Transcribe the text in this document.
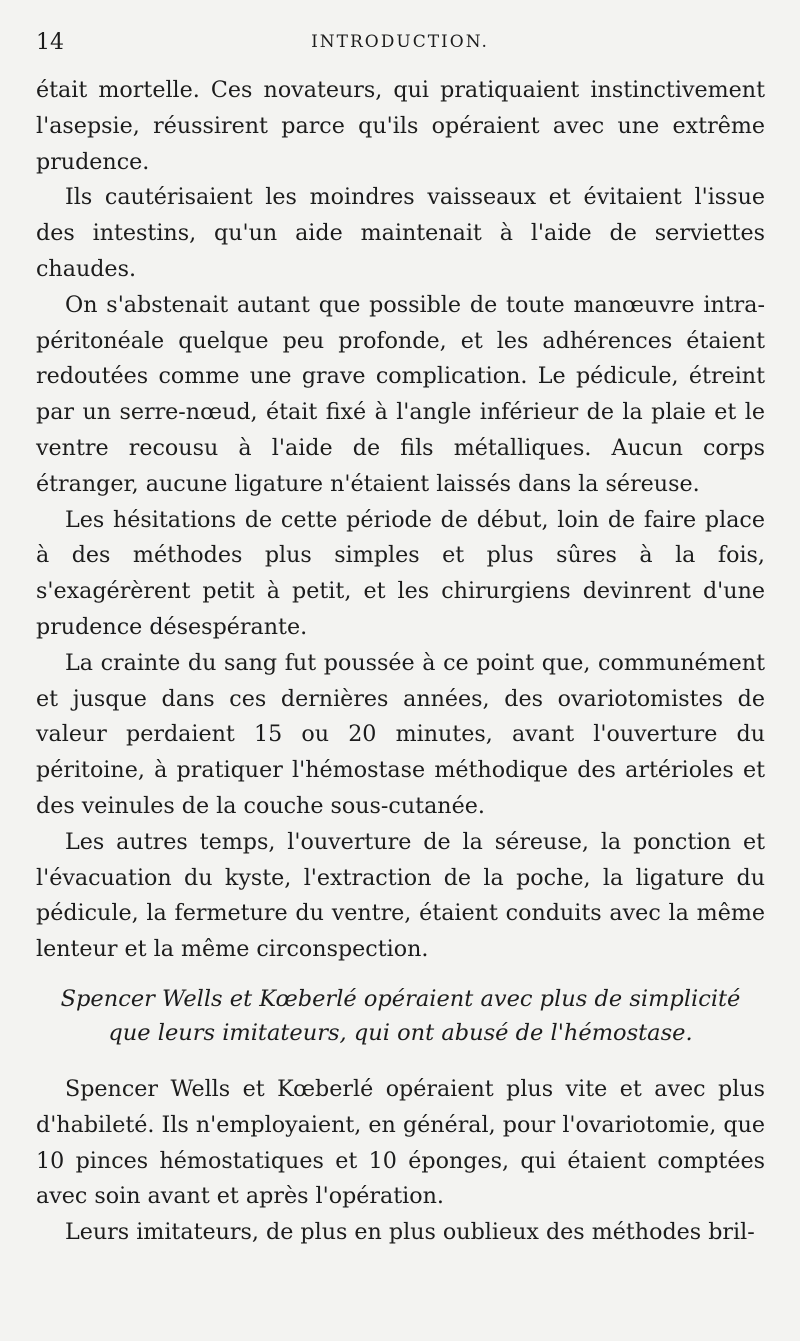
14	INTRODUCTION.

était mortelle. Ces novateurs, qui pratiquaient instinctivement l'asepsie, réussirent parce qu'ils opéraient avec une extrême prudence.

Ils cautérisaient les moindres vaisseaux et évitaient l'issue des intestins, qu'un aide maintenait à l'aide de serviettes chaudes.

On s'abstenait autant que possible de toute manœuvre intra-péritonéale quelque peu profonde, et les adhérences étaient redoutées comme une grave complication. Le pédicule, étreint par un serre-nœud, était fixé à l'angle inférieur de la plaie et le ventre recousu à l'aide de fils métalliques. Aucun corps étranger, aucune ligature n'étaient laissés dans la séreuse.

Les hésitations de cette période de début, loin de faire place à des méthodes plus simples et plus sûres à la fois, s'exagérèrent petit à petit, et les chirurgiens devinrent d'une prudence désespérante.

La crainte du sang fut poussée à ce point que, communément et jusque dans ces dernières années, des ovariotomistes de valeur perdaient 15 ou 20 minutes, avant l'ouverture du péritoine, à pratiquer l'hémostase méthodique des artérioles et des veinules de la couche sous-cutanée.

Les autres temps, l'ouverture de la séreuse, la ponction et l'évacuation du kyste, l'extraction de la poche, la ligature du pédicule, la fermeture du ventre, étaient conduits avec la même lenteur et la même circonspection.

Spencer Wells et Kœberlé opéraient avec plus de simplicité

que leurs imitateurs, qui ont abusé de l'hémostase.

Spencer Wells et Kœberlé opéraient plus vite et avec plus d'habileté. Ils n'employaient, en général, pour l'ovariotomie, que 10 pinces hémostatiques et 10 éponges, qui étaient comptées avec soin avant et après l'opération.

Leurs imitateurs, de plus en plus oublieux des méthodes bril-
